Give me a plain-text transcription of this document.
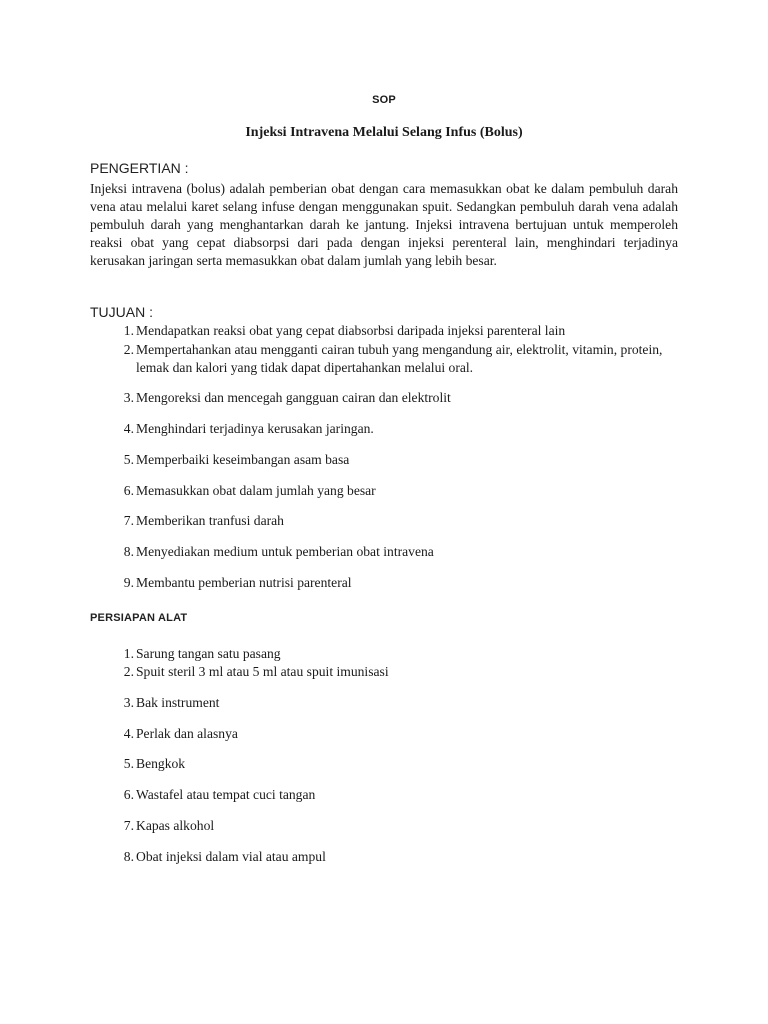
SOP
Injeksi Intravena Melalui Selang Infus (Bolus)
PENGERTIAN :
Injeksi intravena (bolus) adalah pemberian obat dengan cara memasukkan obat ke dalam pembuluh darah vena atau melalui karet selang infuse dengan menggunakan spuit. Sedangkan pembuluh darah vena adalah pembuluh darah yang menghantarkan darah ke jantung. Injeksi intravena bertujuan untuk memperoleh reaksi obat yang cepat diabsorpsi dari pada dengan injeksi perenteral lain, menghindari terjadinya kerusakan jaringan serta memasukkan obat dalam jumlah yang lebih besar.
TUJUAN :
1. Mendapatkan reaksi obat yang cepat diabsorbsi daripada injeksi parenteral lain
2. Mempertahankan atau mengganti cairan tubuh yang mengandung air, elektrolit, vitamin, protein, lemak dan kalori yang tidak dapat dipertahankan melalui oral.
3. Mengoreksi dan mencegah gangguan cairan dan elektrolit
4. Menghindari terjadinya kerusakan jaringan.
5. Memperbaiki keseimbangan asam basa
6. Memasukkan obat dalam jumlah yang besar
7. Memberikan tranfusi darah
8. Menyediakan medium untuk pemberian obat intravena
9. Membantu pemberian nutrisi parenteral
PERSIAPAN ALAT
1. Sarung tangan satu pasang
2. Spuit steril 3 ml atau 5 ml atau spuit imunisasi
3. Bak instrument
4. Perlak dan alasnya
5. Bengkok
6. Wastafel atau tempat cuci tangan
7. Kapas alkohol
8. Obat injeksi dalam vial atau ampul
